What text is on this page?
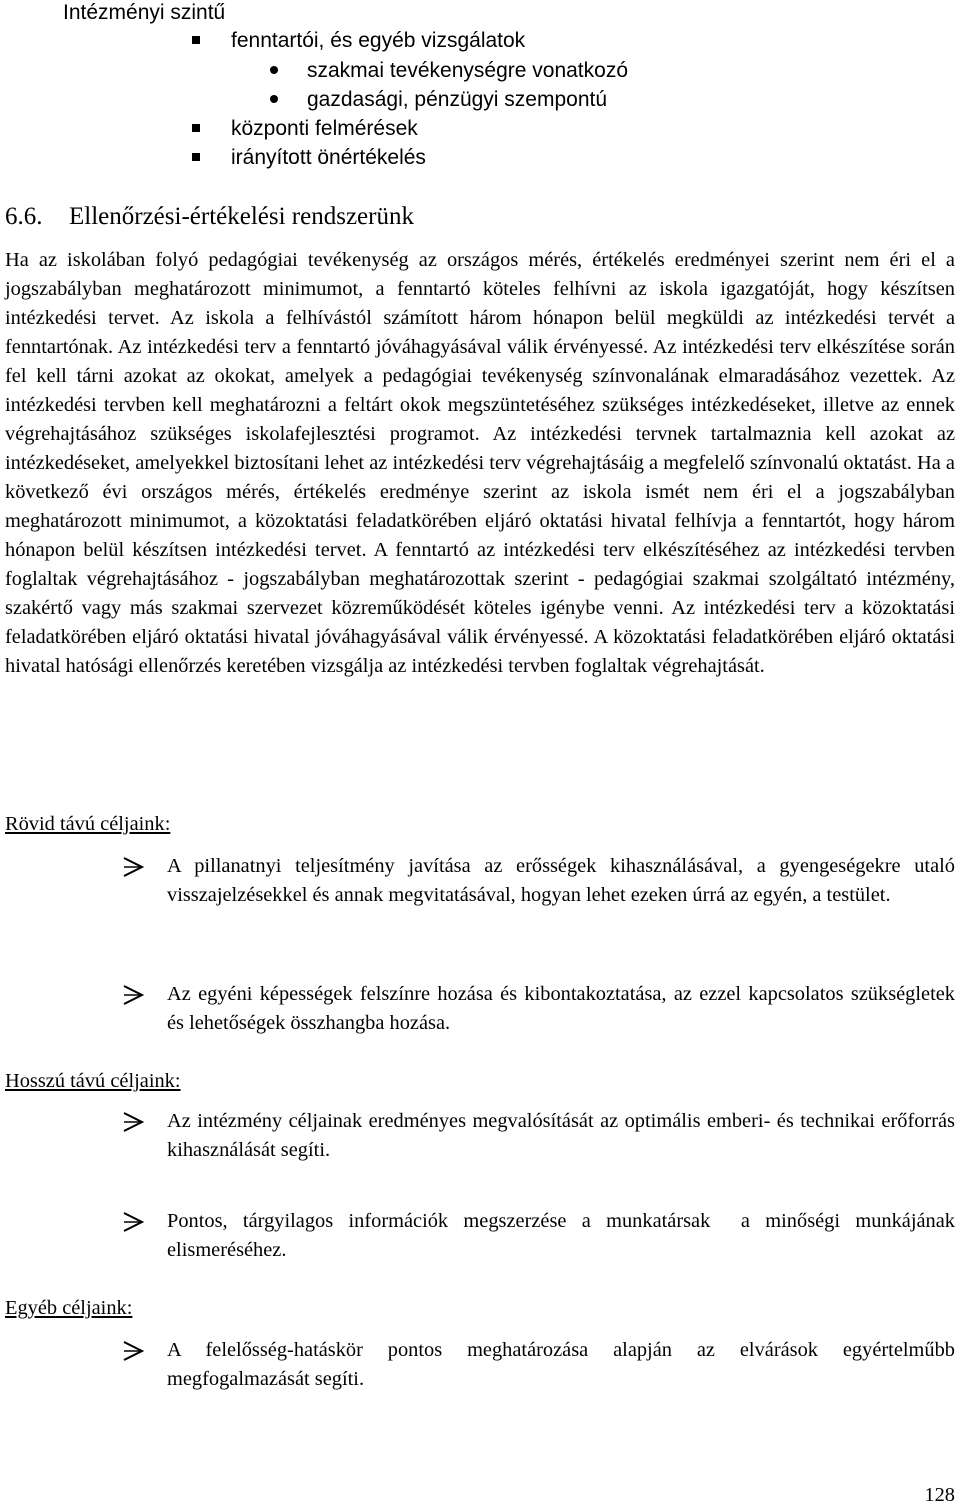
Intézményi szintű
fenntartói, és egyéb vizsgálatok
szakmai tevékenységre vonatkozó
gazdasági, pénzügyi szempontú
központi felmérések
irányított önértékelés
6.6. Ellenőrzési-értékelési rendszerünk

Ha az iskolában folyó pedagógiai tevékenység az országos mérés, értékelés eredményei szerint nem éri el a jogszabályban meghatározott minimumot, a fenntartó köteles felhívni az iskola igazgatóját, hogy készítsen intézkedési tervet. Az iskola a felhívástól számított három hónapon belül megküldi az intézkedési tervét a fenntartónak. Az intézkedési terv a fenntartó jóváhagyásával válik érvényessé. Az intézkedési terv elkészítése során fel kell tárni azokat az okokat, amelyek a pedagógiai tevékenység színvonalának elmaradásához vezettek. Az intézkedési tervben kell meghatározni a feltárt okok megszüntetéséhez szükséges intézkedéseket, illetve az ennek végrehajtásához szükséges iskolafejlesztési programot. Az intézkedési tervnek tartalmaznia kell azokat az intézkedéseket, amelyekkel biztosítani lehet az intézkedési terv végrehajtásáig a megfelelő színvonalú oktatást. Ha a következő évi országos mérés, értékelés eredménye szerint az iskola ismét nem éri el a jogszabályban meghatározott minimumot, a közoktatási feladatkörében eljáró oktatási hivatal felhívja a fenntartót, hogy három hónapon belül készítsen intézkedési tervet. A fenntartó az intézkedési terv elkészítéséhez az intézkedési tervben foglaltak végrehajtásához - jogszabályban meghatározottak szerint - pedagógiai szakmai szolgáltató intézmény, szakértő vagy más szakmai szervezet közreműködését köteles igénybe venni. Az intézkedési terv a közoktatási feladatkörében eljáró oktatási hivatal jóváhagyásával válik érvényessé. A közoktatási feladatkörében eljáró oktatási hivatal hatósági ellenőrzés keretében vizsgálja az intézkedési tervben foglaltak végrehajtását.

Rövid távú céljaink:
A pillanatnyi teljesítmény javítása az erősségek kihasználásával, a gyengeségekre utaló visszajelzésekkel és annak megvitatásával, hogyan lehet ezeken úrrá az egyén, a testület.
Az egyéni képességek felszínre hozása és kibontakoztatása, az ezzel kapcsolatos szükségletek és lehetőségek összhangba hozása.
Hosszú távú céljaink:
Az intézmény céljainak eredményes megvalósítását az optimális emberi- és technikai erőforrás kihasználását segíti.
Pontos, tárgyilagos információk megszerzése a munkatársak  a minőségi munkájának elismeréséhez.
Egyéb céljaink:
A felelősség-hatáskör pontos meghatározása alapján az elvárások egyértelműbb megfogalmazását segíti.
128
